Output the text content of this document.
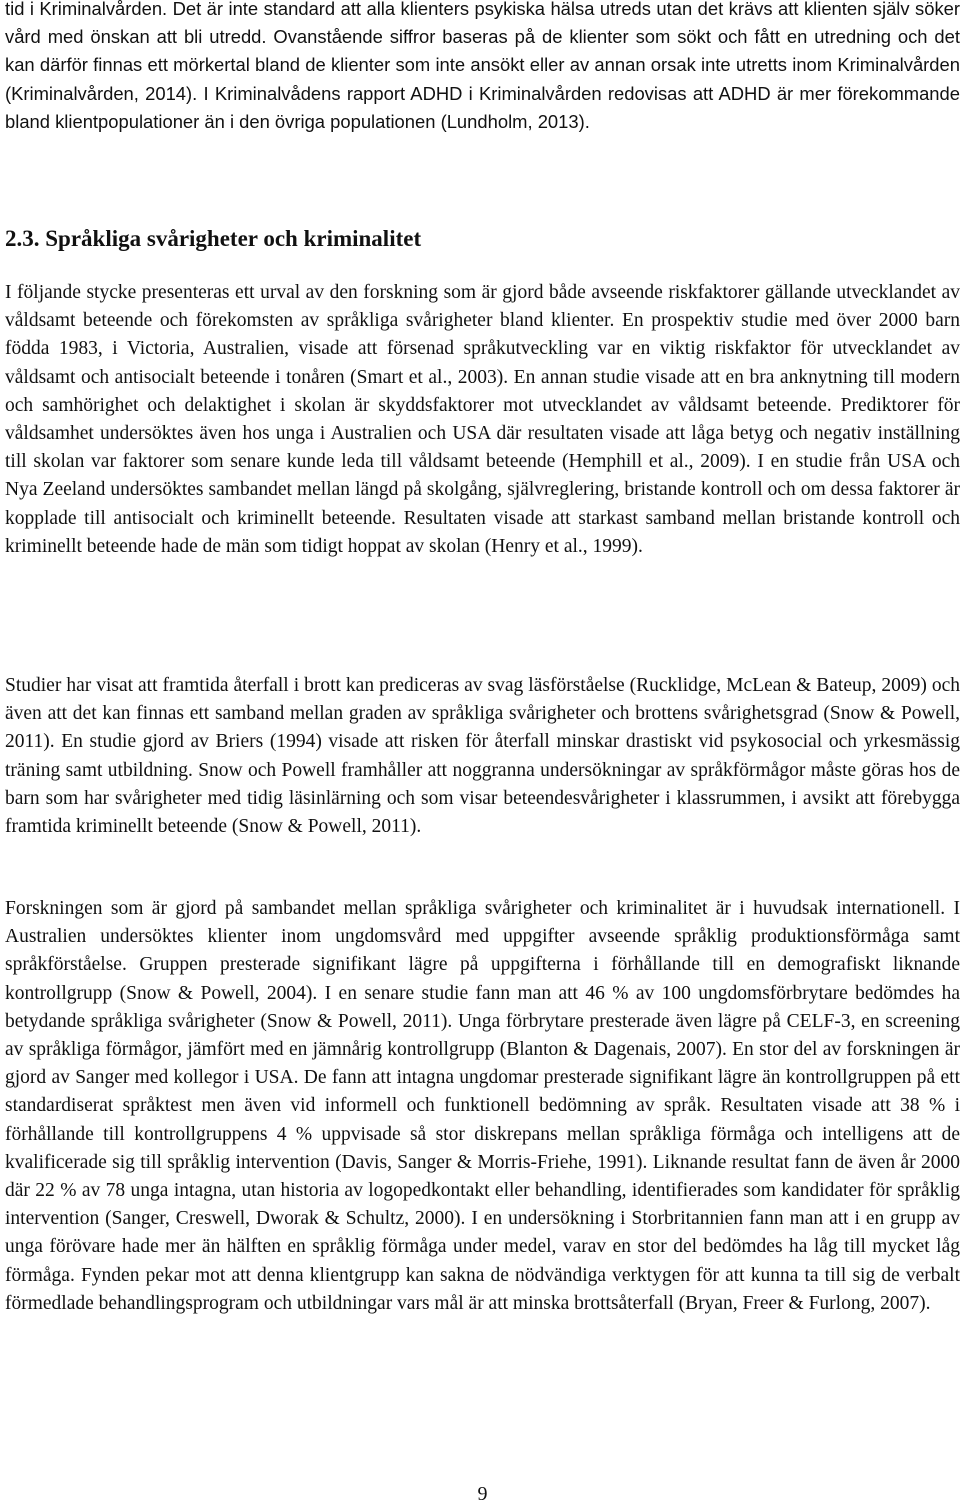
tid i Kriminalvården. Det är inte standard att alla klienters psykiska hälsa utreds utan det krävs att klienten själv söker vård med önskan att bli utredd. Ovanstående siffror baseras på de klienter som sökt och fått en utredning och det kan därför finnas ett mörkertal bland de klienter som inte ansökt eller av annan orsak inte utretts inom Kriminalvården (Kriminalvården, 2014). I Kriminalvådens rapport ADHD i Kriminalvården redovisas att ADHD är mer förekommande bland klientpopulationer än i den övriga populationen (Lundholm, 2013).

2.3. Språkliga svårigheter och kriminalitet

I följande stycke presenteras ett urval av den forskning som är gjord både avseende riskfaktorer gällande utvecklandet av våldsamt beteende och förekomsten av språkliga svårigheter bland klienter. En prospektiv studie med över 2000 barn födda 1983, i Victoria, Australien, visade att försenad språkutveckling var en viktig riskfaktor för utvecklandet av våldsamt och antisocialt beteende i tonåren (Smart et al., 2003). En annan studie visade att en bra anknytning till modern och samhörighet och delaktighet i skolan är skyddsfaktorer mot utvecklandet av våldsamt beteende. Prediktorer för våldsamhet undersöktes även hos unga i Australien och USA där resultaten visade att låga betyg och negativ inställning till skolan var faktorer som senare kunde leda till våldsamt beteende (Hemphill et al., 2009). I en studie från USA och Nya Zeeland undersöktes sambandet mellan längd på skolgång, självreglering, bristande kontroll och om dessa faktorer är kopplade till antisocialt och kriminellt beteende. Resultaten visade att starkast samband mellan bristande kontroll och kriminellt beteende hade de män som tidigt hoppat av skolan (Henry et al., 1999).

Studier har visat att framtida återfall i brott kan prediceras av svag läsförståelse (Rucklidge, McLean & Bateup, 2009) och även att det kan finnas ett samband mellan graden av språkliga svårigheter och brottens svårighetsgrad (Snow & Powell, 2011). En studie gjord av Briers (1994) visade att risken för återfall minskar drastiskt vid psykosocial och yrkesmässig träning samt utbildning. Snow och Powell framhåller att noggranna undersökningar av språkförmågor måste göras hos de barn som har svårigheter med tidig läsinlärning och som visar beteendesvårigheter i klassrummen, i avsikt att förebygga framtida kriminellt beteende (Snow & Powell, 2011).

Forskningen som är gjord på sambandet mellan språkliga svårigheter och kriminalitet är i huvudsak internationell. I Australien undersöktes klienter inom ungdomsvård med uppgifter avseende språklig produktionsförmåga samt språkförståelse. Gruppen presterade signifikant lägre på uppgifterna i förhållande till en demografiskt liknande kontrollgrupp (Snow & Powell, 2004). I en senare studie fann man att 46 % av 100 ungdomsförbrytare bedömdes ha betydande språkliga svårigheter (Snow & Powell, 2011). Unga förbrytare presterade även lägre på CELF-3, en screening av språkliga förmågor, jämfört med en jämnårig kontrollgrupp (Blanton & Dagenais, 2007). En stor del av forskningen är gjord av Sanger med kollegor i USA. De fann att intagna ungdomar presterade signifikant lägre än kontrollgruppen på ett standardiserat språktest men även vid informell och funktionell bedömning av språk. Resultaten visade att 38 % i förhållande till kontrollgruppens 4 % uppvisade så stor diskrepans mellan språkliga förmåga och intelligens att de kvalificerade sig till språklig intervention (Davis, Sanger & Morris-Friehe, 1991). Liknande resultat fann de även år 2000 där 22 % av 78 unga intagna, utan historia av logopedkontakt eller behandling, identifierades som kandidater för språklig intervention (Sanger, Creswell, Dworak & Schultz, 2000). I en undersökning i Storbritannien fann man att i en grupp av unga förövare hade mer än hälften en språklig förmåga under medel, varav en stor del bedömdes ha låg till mycket låg förmåga. Fynden pekar mot att denna klientgrupp kan sakna de nödvändiga verktygen för att kunna ta till sig de verbalt förmedlade behandlingsprogram och utbildningar vars mål är att minska brottsåterfall (Bryan, Freer & Furlong, 2007).

9
